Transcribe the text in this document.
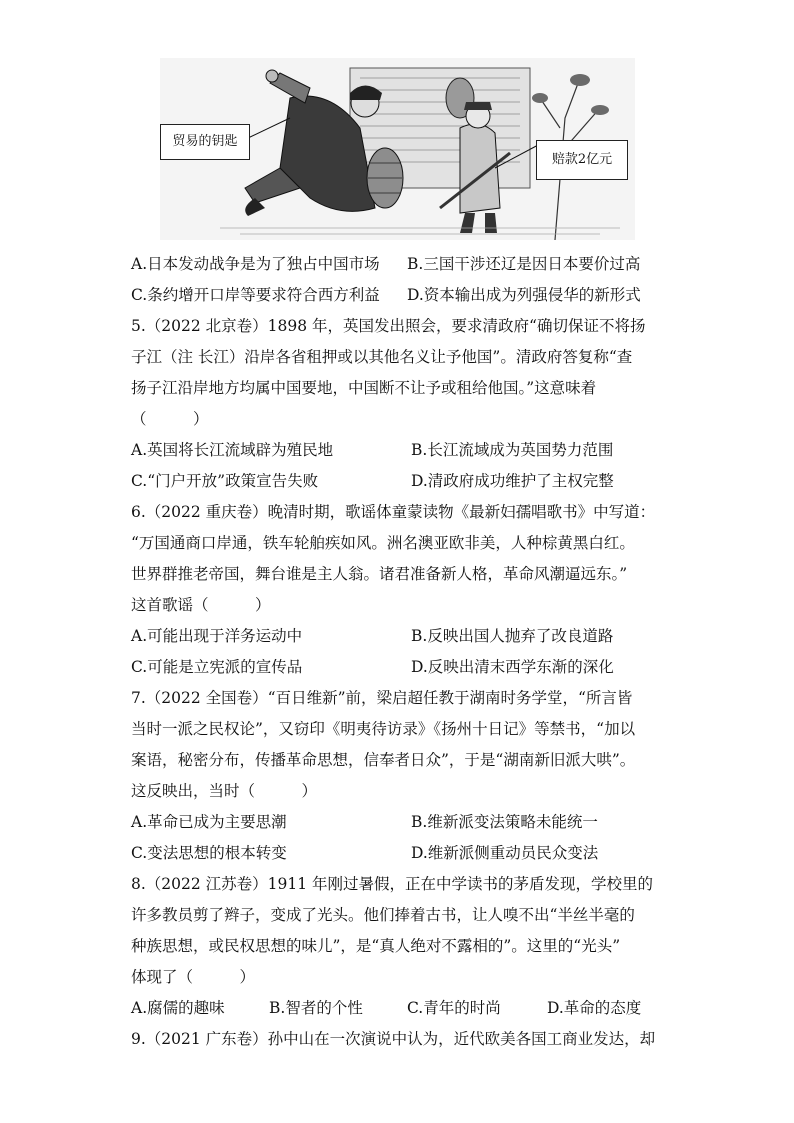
贸易的钥匙
赔款2亿元
A.日本发动战争是为了独占中国市场	B.三国干涉还辽是因日本要价过高
C.条约增开口岸等要求符合西方利益	D.资本输出成为列强侵华的新形式
5.（2022 北京卷）1898 年，英国发出照会，要求清政府“确切保证不将扬
子江（注 长江）沿岸各省租押或以其他名义让予他国”。清政府答复称“查
扬子江沿岸地方均属中国要地，中国断不让予或租给他国。”这意味着
（　　　）
A.英国将长江流域辟为殖民地	B.长江流域成为英国势力范围
C.“门户开放”政策宣告失败	D.清政府成功维护了主权完整
6.（2022 重庆卷）晚清时期，歌谣体童蒙读物《最新妇孺唱歌书》中写道：
“万国通商口岸通，铁车轮舶疾如风。洲名澳亚欧非美，人种棕黄黑白红。
世界群推老帝国，舞台谁是主人翁。诸君准备新人格，革命风潮逼远东。”
这首歌谣（　　　）
A.可能出现于洋务运动中	B.反映出国人抛弃了改良道路
C.可能是立宪派的宣传品	D.反映出清末西学东渐的深化
7.（2022 全国卷）“百日维新”前，梁启超任教于湖南时务学堂，“所言皆
当时一派之民权论”，又窃印《明夷待访录》《扬州十日记》等禁书，“加以
案语，秘密分布，传播革命思想，信奉者日众”，于是“湖南新旧派大哄”。
这反映出，当时（　　　）
A.革命已成为主要思潮	B.维新派变法策略未能统一
C.变法思想的根本转变	D.维新派侧重动员民众变法
8.（2022 江苏卷）1911 年刚过暑假，正在中学读书的茅盾发现，学校里的
许多教员剪了辫子，变成了光头。他们捧着古书，让人嗅不出“半丝半毫的
种族思想，或民权思想的味儿”，是“真人绝对不露相的”。这里的“光头”
体现了（　　　）
A.腐儒的趣味	B.智者的个性	C.青年的时尚	D.革命的态度
9.（2021 广东卷）孙中山在一次演说中认为，近代欧美各国工商业发达，却
